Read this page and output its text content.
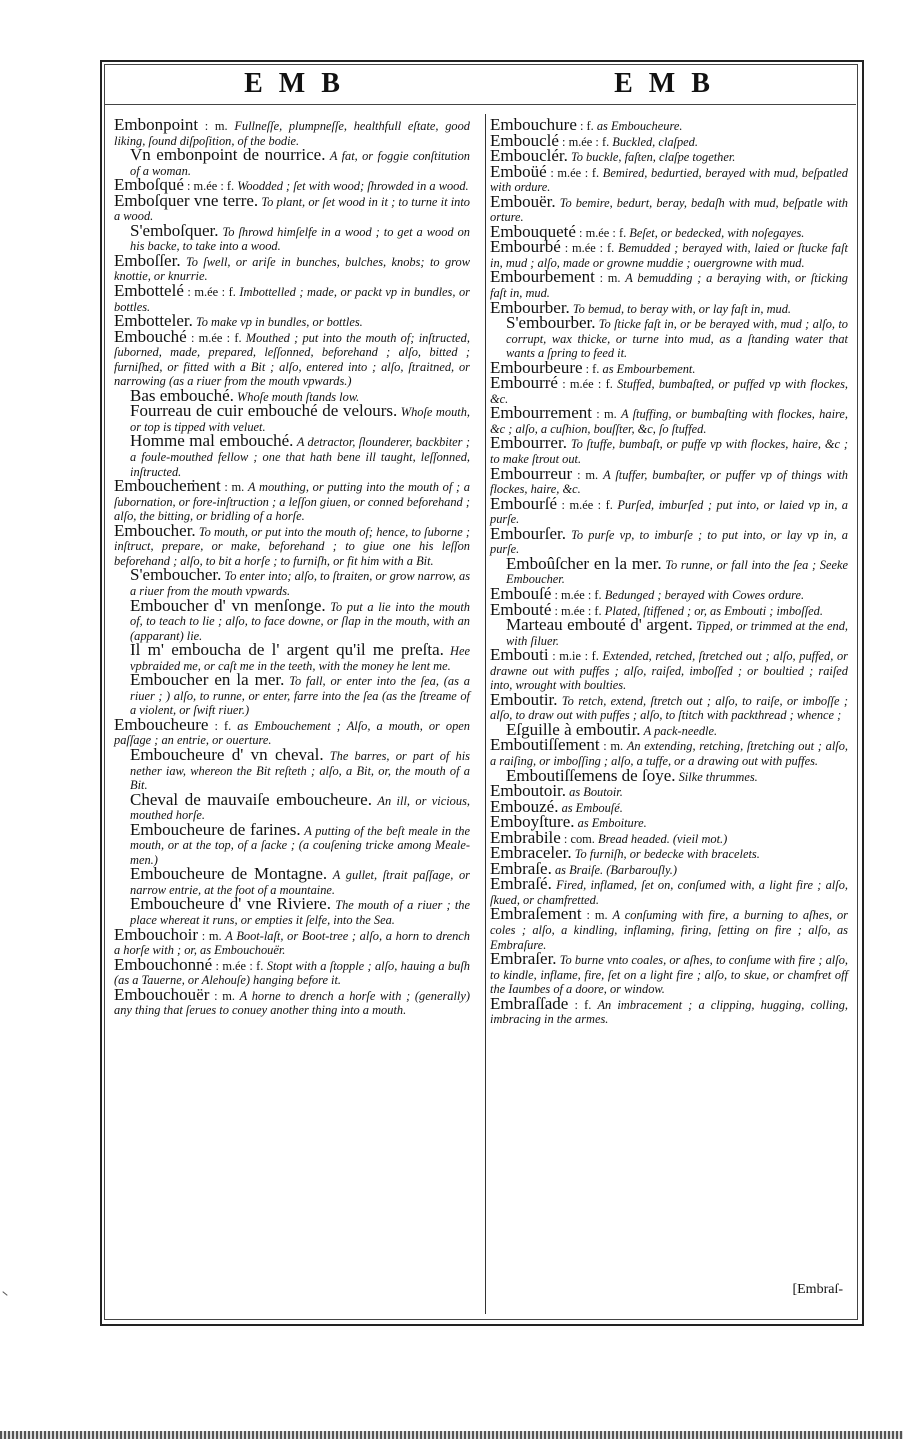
EMB	EMB

Embonpoint : m. Fullneſſe, plumpneſſe, healthfull eſtate, good liking, ſound diſpoſition, of the bodie.

Vn embonpoint de nourrice. A fat, or foggie conſtitution of a woman.

Emboſqué : m.ée : f. Woodded ; ſet with wood; ſhrowded in a wood.

Emboſquer vne terre. To plant, or ſet wood in it ; to turne it into a wood.

S'emboſquer. To ſhrowd himſelfe in a wood ; to get a wood on his backe, to take into a wood.

Emboſſer. To ſwell, or ariſe in bunches, bulches, knobs; to grow knottie, or knurrie.

Embottelé : m.ée : f. Imbottelled ; made, or packt vp in bundles, or bottles.

Embotteler. To make vp in bundles, or bottles.

Embouché : m.ée : f. Mouthed ; put into the mouth of; inſtructed, ſuborned, made, prepared, leſſonned, beforehand ; alſo, bitted ; furniſhed, or fitted with a Bit ; alſo, entered into ; alſo, ſtraitned, or narrowing (as a riuer from the mouth vpwards.)

Bas embouché. Whoſe mouth ſtands low.

Fourreau de cuir embouché de velours. Whoſe mouth, or top is tipped with veluet.

Homme mal embouché. A detractor, ſlounderer, backbiter ; a foule-mouthed fellow ; one that hath bene ill taught, leſſonned, inſtructed.

Emboucheṁent : m. A mouthing, or putting into the mouth of ; a ſubornation, or fore-inſtruction ; a leſſon giuen, or conned beforehand ; alſo, the bitting, or bridling of a horſe.

Emboucher. To mouth, or put into the mouth of; hence, to ſuborne ; inſtruct, prepare, or make, beforehand ; to giue one his leſſon beforehand ; alſo, to bit a horſe ; to furniſh, or fit him with a Bit.

S'emboucher. To enter into; alſo, to ſtraiten, or grow narrow, as a riuer from the mouth vpwards.

Emboucher d' vn menſonge. To put a lie into the mouth of, to teach to lie ; alſo, to face downe, or ſlap in the mouth, with an (apparant) lie.

Il m' emboucha de l' argent qu'il me preſta. Hee vpbraided me, or caſt me in the teeth, with the money he lent me.

Emboucher en la mer. To fall, or enter into the ſea, (as a riuer ; ) alſo, to runne, or enter, farre into the ſea (as the ſtreame of a violent, or ſwift riuer.)

Emboucheure : f. as Embouchement ; Alſo, a mouth, or open paſſage ; an entrie, or ouerture.

Emboucheure d' vn cheval. The barres, or part of his nether iaw, whereon the Bit reſteth ; alſo, a Bit, or, the mouth of a Bit.

Cheval de mauvaiſe emboucheure. An ill, or vicious, mouthed horſe.

Emboucheure de farines. A putting of the beſt meale in the mouth, or at the top, of a ſacke ; (a couſening tricke among Meale-men.)

Emboucheure de Montagne. A gullet, ſtrait paſſage, or narrow entrie, at the foot of a mountaine.

Emboucheure d' vne Riviere. The mouth of a riuer ; the place whereat it runs, or empties it ſelfe, into the Sea.

Embouchoir : m. A Boot-laſt, or Boot-tree ; alſo, a horn to drench a horſe with ; or, as Embouchouër.

Embouchonné : m.ée : f. Stopt with a ſtopple ; alſo, hauing a buſh (as a Tauerne, or Alehouſe) hanging before it.

Embouchouër : m. A horne to drench a horſe with ; (generally) any thing that ſerues to conuey another thing into a mouth.

Embouchure : f. as Emboucheure.

Embouclé : m.ée : f. Buckled, claſped.

Embouclér. To buckle, faſten, claſpe together.

Emboüé : m.ée : f. Bemired, bedurtied, berayed with mud, beſpatled with ordure.

Embouër. To bemire, bedurt, beray, bedaſh with mud, beſpatle with orture.

Embouqueté : m.ée : f. Beſet, or bedecked, with noſegayes.

Embourbé : m.ée : f. Bemudded ; berayed with, laied or ſtucke faſt in, mud ; alſo, made or growne muddie ; ouergrowne with mud.

Embourbement : m. A bemudding ; a beraying with, or ſticking faſt in, mud.

Embourber. To bemud, to beray with, or lay faſt in, mud.

S'embourber. To ſticke faſt in, or be berayed with, mud ; alſo, to corrupt, wax thicke, or turne into mud, as a ſtanding water that wants a ſpring to feed it.

Embourbeure : f. as Embourbement.

Embourré : m.ée : f. Stuffed, bumbaſted, or puffed vp with flockes, &c.

Embourrement : m. A ſtuffing, or bumbaſting with flockes, haire, &c ; alſo, a cuſhion, bouſſter, &c, ſo ſtuffed.

Embourrer. To ſtuffe, bumbaſt, or puffe vp with flockes, haire, &c ; to make ſtrout out.

Embourreur : m. A ſtuffer, bumbaſter, or puffer vp of things with flockes, haire, &c.

Embourſé : m.ée : f. Purſed, imburſed ; put into, or laied vp in, a purſe.

Embourſer. To purſe vp, to imburſe ; to put into, or lay vp in, a purſe.

Emboûſcher en la mer. To runne, or fall into the ſea ; Seeke Emboucher.

Embouſé : m.ée : f. Bedunged ; berayed with Cowes ordure.

Embouté : m.ée : f. Plated, ſtiffened ; or, as Embouti ; imboſſed.

Marteau embouté d' argent. Tipped, or trimmed at the end, with ſiluer.

Embouti : m.ie : f. Extended, retched, ſtretched out ; alſo, puffed, or drawne out with puffes ; alſo, raiſed, imboſſed ; or boultied ; raiſed into, wrought with boulties.

Emboutir. To retch, extend, ſtretch out ; alſo, to raiſe, or imboſſe ; alſo, to draw out with puffes ; alſo, to ſtitch with packthread ; whence ;

Eſguille à emboutir. A pack-needle.

Emboutiſſement : m. An extending, retching, ſtretching out ; alſo, a raiſing, or imboſſing ; alſo, a tuffe, or a drawing out with puffes.

Emboutiſſemens de ſoye. Silke thrummes.

Emboutoir. as Boutoir.

Embouzé. as Embouſé.

Emboyſture. as Emboiture.

Embrabile : com. Bread headed. (vieil mot.)

Embraceler. To furniſh, or bedecke with bracelets.

Embraſe. as Braiſe. (Barbarouſly.)

Embraſé. Fired, inflamed, ſet on, conſumed with, a light fire ; alſo, ſkued, or chamfretted.

Embraſement : m. A conſuming with fire, a burning to aſhes, or coles ; alſo, a kindling, inflaming, firing, ſetting on fire ; alſo, as Embraſure.

Embraſer. To burne vnto coales, or aſhes, to conſume with fire ; alſo, to kindle, inflame, fire, ſet on a light fire ; alſo, to skue, or chamfret off the Iaumbes of a doore, or window.

Embraſſade : f. An imbracement ; a clipping, hugging, colling, imbracing in the armes.

[Embraſ-
